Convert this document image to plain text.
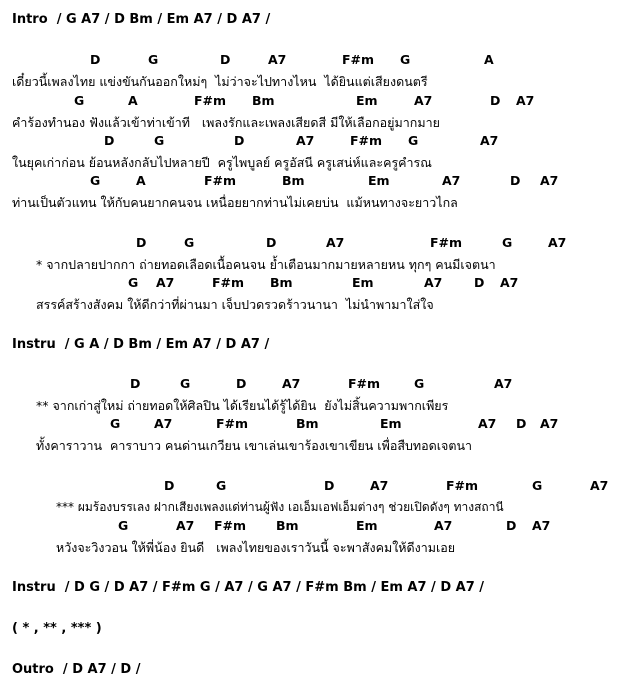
Intro  / G A7 / D Bm / Em A7 / D A7 /
D	G	D	A7	F#m G	A
เดี๋ยวนี้เพลงไทย แข่งขันกันออกใหม่ๆ  ไม่ว่าจะไปทางไหน  ได้ยินแต่เสียงดนตรี
G	A	F#m Bm	Em	A7	D A7
คำร้องทำนอง ฟังแล้วเข้าท่าเข้าที   เพลงรักและเพลงเสียดสี มีให้เลือกอยู่มากมาย
D	G	D	A7	F#m G	A7
ในยุคเก่าก่อน ย้อนหลังกลับไปหลายปี  ครูไพบูลย์ ครูอัสนี ครูเสน่ห์และครูคำรณ
G	A	F#m	Bm	Em	A7	D A7
ท่านเป็นตัวแทน ให้กับคนยากคนจน เหนื่อยยากท่านไม่เคยบ่น  แม้หนทางจะยาวไกล
D	G	D	A7	F#m	G	A7
* จากปลายปากกา ถ่ายทอดเลือดเนื้อคนจน ย้ำเตือนมากมายหลายหน ทุกๆ คนมีเจตนา
G A7	F#m Bm	Em	A7	D A7
สรรค์สร้างสังคม ให้ดีกว่าที่ผ่านมา เจ็บปวดรวดร้าวนานา  ไม่นำพามาใส่ใจ
Instru  / G A / D Bm / Em A7 / D A7 /
D	G	D	A7	F#m	G	A7
** จากเก่าสู่ใหม่ ถ่ายทอดให้ศิลปิน ได้เรียนได้รู้ได้ยิน  ยังไม่สิ้นความพากเพียร
G	A7	F#m	Bm	Em	A7 D A7
ทั้งคาราวาน  คาราบาว คนด่านเกวียน เขาเล่นเขาร้องเขาเขียน เพื่อสืบทอดเจตนา
D	G	D	A7	F#m	G	A7
*** ผมร้องบรรเลง ฝากเสียงเพลงแด่ท่านผู้ฟัง เอเอ็มเอฟเอ็มต่างๆ ช่วยเปิดดังๆ ทางสถานี
G	A7 F#m Bm	Em	A7	D A7
หวังจะวิงวอน ให้พี่น้อง ยินดี   เพลงไทยของเราวันนี้ จะพาสังคมให้ดีงามเอย
Instru  / D G / D A7 / F#m G / A7 / G A7 / F#m Bm / Em A7 / D A7 /
( * , ** , *** )
Outro  / D A7 / D /
